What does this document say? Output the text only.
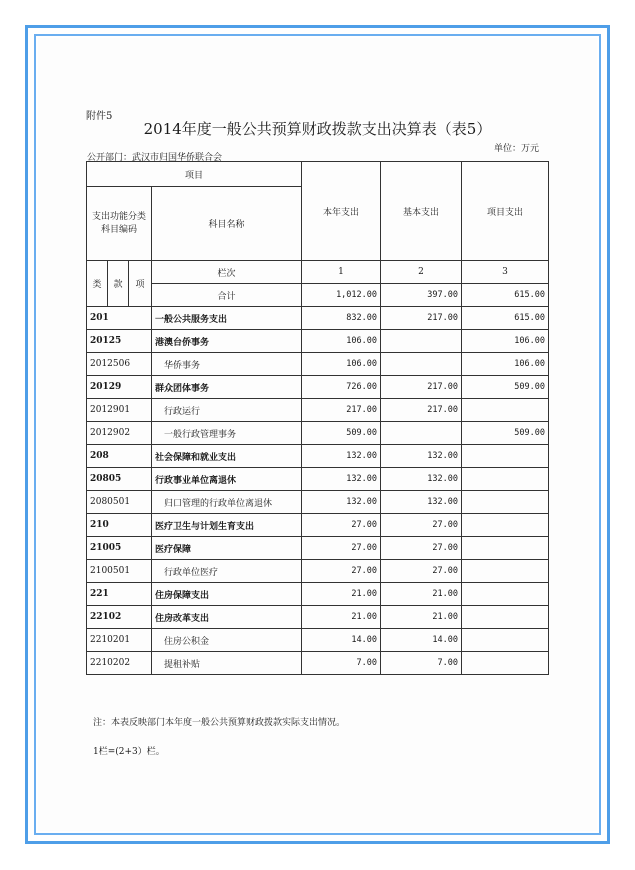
附件5
2014年度一般公共预算财政拨款支出决算表（表5）
单位：万元
公开部门：武汉市归国华侨联合会
项目				本年支出	基本支出	项目支出
支出功能分类科目编码			科目名称			
类	款	项	栏次	1	2	3
			合计	1,012.00	397.00	615.00
201			一般公共服务支出	832.00	217.00	615.00
20125			港澳台侨事务	106.00		106.00
2012506			华侨事务	106.00		106.00
20129			群众团体事务	726.00	217.00	509.00
2012901			行政运行	217.00	217.00	
2012902			一般行政管理事务	509.00		509.00
208			社会保障和就业支出	132.00	132.00	
20805			行政事业单位离退休	132.00	132.00	
2080501			归口管理的行政单位离退休	132.00	132.00	
210			医疗卫生与计划生育支出	27.00	27.00	
21005			医疗保障	27.00	27.00	
2100501			行政单位医疗	27.00	27.00	
221			住房保障支出	21.00	21.00	
22102			住房改革支出	21.00	21.00	
2210201			住房公积金	14.00	14.00	
2210202			提租补贴	7.00	7.00	
注：本表反映部门本年度一般公共预算财政拨款实际支出情况。
1栏=(2+3）栏。
